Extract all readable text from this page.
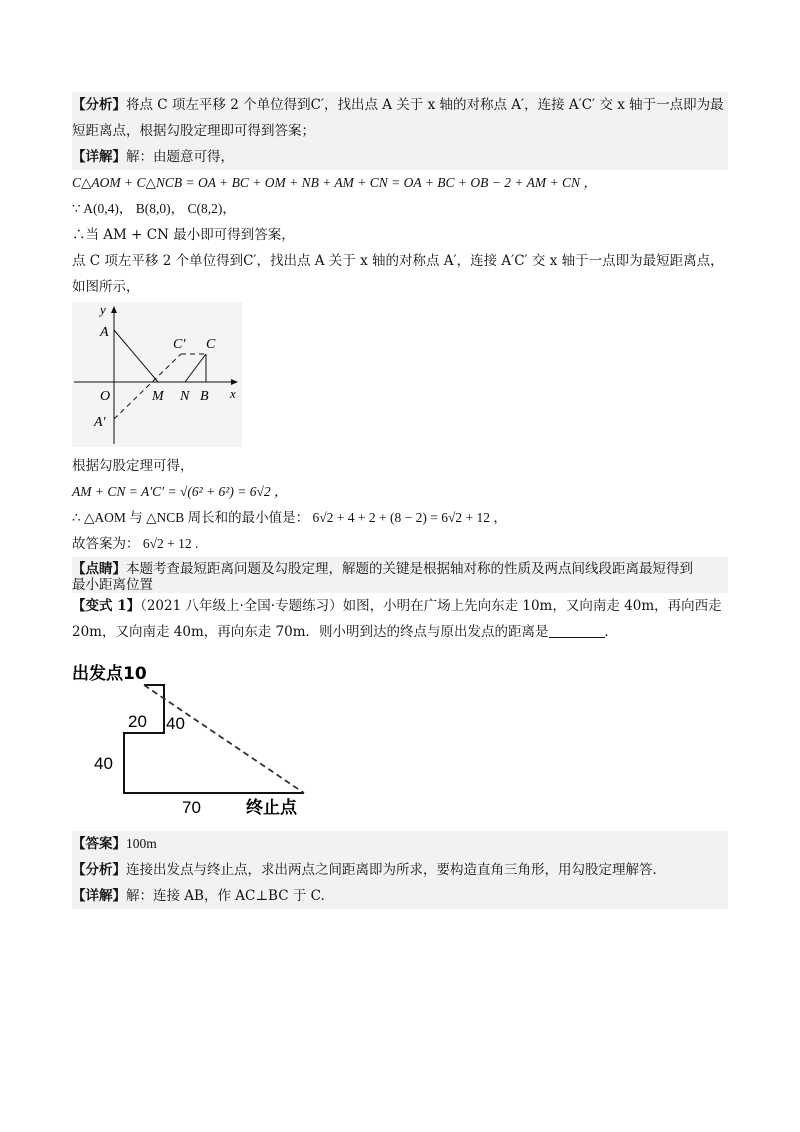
【分析】将点 C 项左平移 2 个单位得到C′，找出点 A 关于 x 轴的对称点 A′，连接 A′C′ 交 x 轴于一点即为最
短距离点，根据勾股定理即可得到答案；
【详解】解：由题意可得，
C△AOM + C△NCB = OA + BC + OM + NB + AM + CN = OA + BC + OB − 2 + AM + CN ，
∵ A(0,4)， B(8,0)， C(8,2)，
∴当 AM + CN 最小即可得到答案，
点 C 项左平移 2 个单位得到C′，找出点 A 关于 x 轴的对称点 A′，连接 A′C′ 交 x 轴于一点即为最短距离点，
如图所示，
y
x
A
C′ C
O	M N B
A′
根据勾股定理可得，
AM + CN = A′C′ = √(6² + 6²) = 6√2 ，
∴ △AOM 与 △NCB 周长和的最小值是： 6√2 + 4 + 2 + (8 − 2) = 6√2 + 12 ，
故答案为： 6√2 + 12 .
【点睛】本题考查最短距离问题及勾股定理，解题的关键是根据轴对称的性质及两点间线段距离最短得到
最小距离位置
【变式 1】（2021 八年级上·全国·专题练习）如图，小明在广场上先向东走 10m，又向南走 40m，再向西走
20m，又向南走 40m，再向东走 70m．则小明到达的终点与原出发点的距离是	．
出发点10
40
20
40
70	终止点
【答案】100m
【分析】连接出发点与终止点，求出两点之间距离即为所求，要构造直角三角形，用勾股定理解答．
【详解】解：连接 AB，作 AC⊥BC 于 C.
